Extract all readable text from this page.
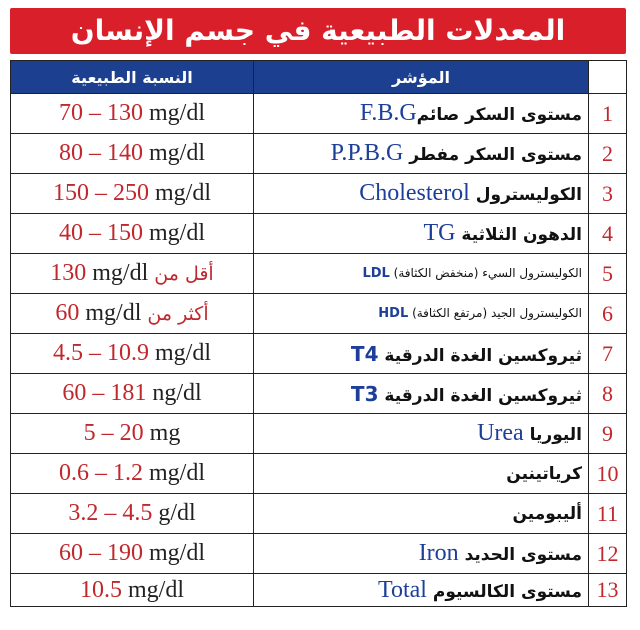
المعدلات الطبيعية في جسم الإنسان
النسبة الطبيعية	المؤشر	
70 – 130 mg/dl	مستوى السكر صائمF.B.G	1
80 – 140 mg/dl	مستوى السكر مفطر P.P.B.G	2
150 – 250 mg/dl	الكوليسترول Cholesterol	3
40 – 150 mg/dl	الدهون الثلاثية TG	4
130 mg/dl أقل من	الكوليسترول السيء (منخفض الكثافة) LDL	5
60 mg/dl أكثر من	الكوليسترول الجيد (مرتفع الكثافة) HDL	6
4.5 – 10.9 mg/dl	ثيروكسين الغدة الدرقية T4	7
60 – 181 ng/dl	ثيروكسين الغدة الدرقية T3	8
5 – 20 mg	اليوريا Urea	9
0.6 – 1.2 mg/dl	كرياتينين	10
3.2 – 4.5 g/dl	أليبومين	11
60 – 190 mg/dl	مستوى الحديد Iron	12
10.5 mg/dl	مستوى الكالسيوم Total	13
